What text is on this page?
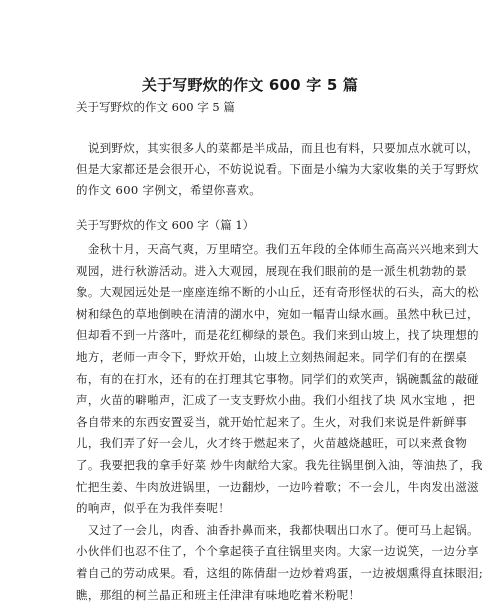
关于写野炊的作文 600 字 5 篇

关于写野炊的作文 600 字 5 篇

　说到野炊，其实很多人的菜都是半成品，而且也有料，只要加点水就可以，
但是大家都还是会很开心，不妨说说看。下面是小编为大家收集的关于写野炊
的作文 600 字例文，希望你喜欢。

关于写野炊的作文 600 字（篇 1）

　金秋十月，天高气爽，万里晴空。我们五年段的全体师生高高兴兴地来到大
观园，进行秋游活动。进入大观园，展现在我们眼前的是一派生机勃勃的景
象。大观园远处是一座座连绵不断的小山丘，还有奇形怪状的石头，高大的松
树和绿色的草地倒映在清清的湖水中，宛如一幅青山绿水画。虽然中秋已过，
但却看不到一片落叶，而是花红柳绿的景色。我们来到山坡上，找了块理想的
地方，老师一声令下，野炊开始，山坡上立刻热闹起来。同学们有的在摆桌
布，有的在打水，还有的在打理其它事物。同学们的欢笑声，锅碗瓢盆的敲碰
声，火苗的噼啪声，汇成了一支支野炊小曲。我们小组找了块 风水宝地 ，把
各自带来的东西安置妥当，就开始忙起来了。生火，对我们来说是件新鲜事
儿，我们弄了好一会儿，火才终于燃起来了，火苗越烧越旺，可以来煮食物
了。我要把我的拿手好菜 炒牛肉献给大家。我先往锅里倒入油，等油热了，我
忙把生姜、牛肉放进锅里，一边翻炒，一边吟着歌；不一会儿，牛肉发出滋滋
的响声，似乎在为我伴奏呢！
　又过了一会儿，肉香、油香扑鼻而来，我都快咽出口水了。便可马上起锅。
小伙伴们也忍不住了，个个拿起筷子直往锅里夹肉。大家一边说笑，一边分享
着自己的劳动成果。看，这组的陈倩甜一边炒着鸡蛋，一边被烟熏得直抹眼泪;
瞧，那组的柯兰晶正和班主任津津有味地吃着米粉呢！
